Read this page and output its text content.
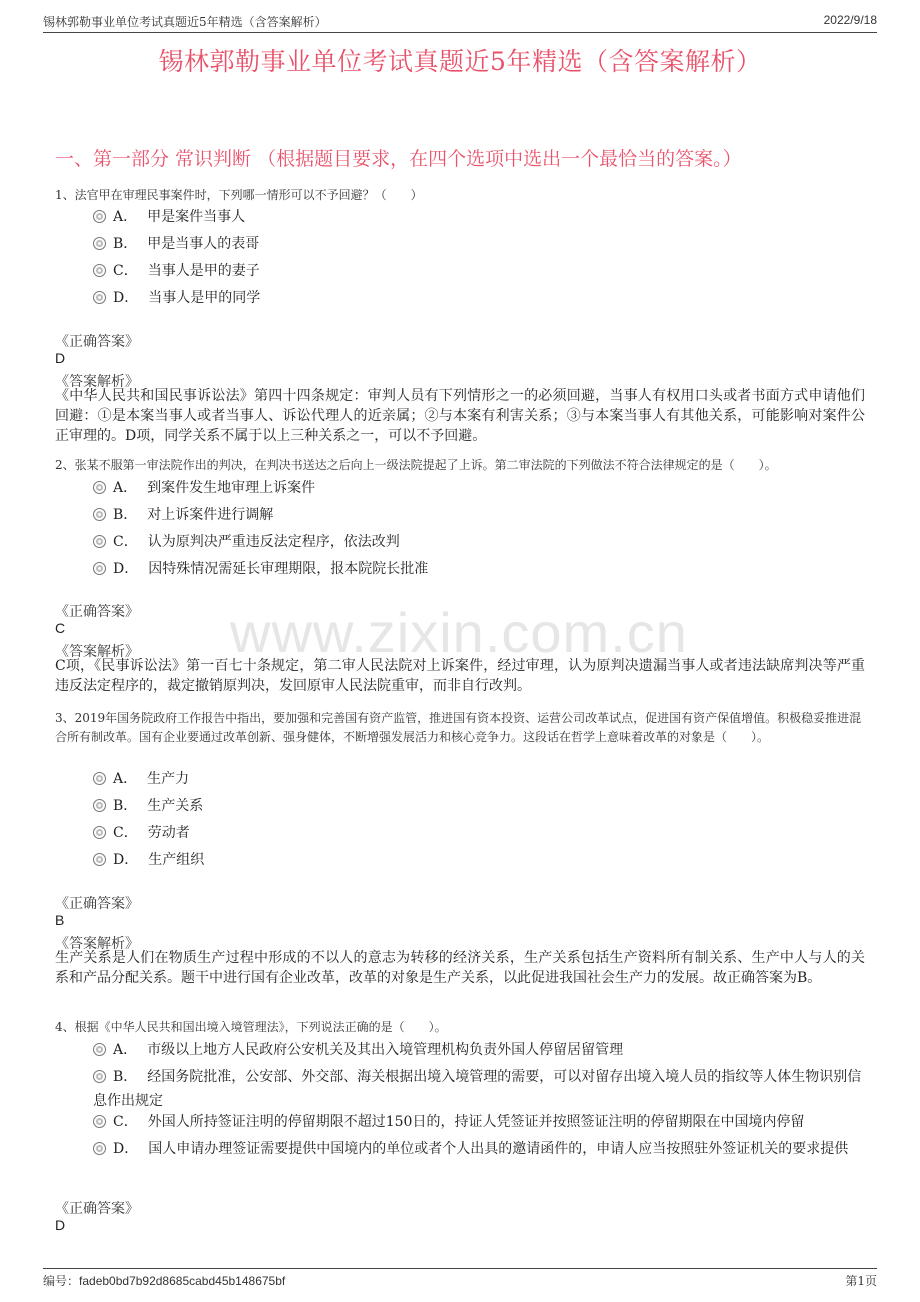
锡林郭勒事业单位考试真题近5年精选（含答案解析）	2022/9/18
锡林郭勒事业单位考试真题近5年精选（含答案解析）
一、第一部分 常识判断 （根据题目要求，在四个选项中选出一个最恰当的答案。）
www.zixin.com.cn
1、法官甲在审理民事案件时，下列哪一情形可以不予回避？（　　）
A． 甲是案件当事人
B． 甲是当事人的表哥
C． 当事人是甲的妻子
D． 当事人是甲的同学
《正确答案》
D
《答案解析》
《中华人民共和国民事诉讼法》第四十四条规定：审判人员有下列情形之一的必须回避，当事人有权用口头或者书面方式申请他们回避：①是本案当事人或者当事人、诉讼代理人的近亲属；②与本案有利害关系；③与本案当事人有其他关系，可能影响对案件公正审理的。D项，同学关系不属于以上三种关系之一，可以不予回避。
2、张某不服第一审法院作出的判决，在判决书送达之后向上一级法院提起了上诉。第二审法院的下列做法不符合法律规定的是（　　）。
A． 到案件发生地审理上诉案件
B． 对上诉案件进行调解
C． 认为原判决严重违反法定程序，依法改判
D． 因特殊情况需延长审理期限，报本院院长批准
《正确答案》
C
《答案解析》
C项，《民事诉讼法》第一百七十条规定，第二审人民法院对上诉案件，经过审理，认为原判决遗漏当事人或者违法缺席判决等严重违反法定程序的，裁定撤销原判决，发回原审人民法院重审，而非自行改判。
3、2019年国务院政府工作报告中指出，要加强和完善国有资产监管，推进国有资本投资、运营公司改革试点，促进国有资产保值增值。积极稳妥推进混合所有制改革。国有企业要通过改革创新、强身健体，不断增强发展活力和核心竞争力。这段话在哲学上意味着改革的对象是（　　）。
A． 生产力
B． 生产关系
C． 劳动者
D． 生产组织
《正确答案》
B
《答案解析》
生产关系是人们在物质生产过程中形成的不以人的意志为转移的经济关系，生产关系包括生产资料所有制关系、生产中人与人的关系和产品分配关系。题干中进行国有企业改革，改革的对象是生产关系，以此促进我国社会生产力的发展。故正确答案为B。
4、根据《中华人民共和国出境入境管理法》，下列说法正确的是（　　）。
A． 市级以上地方人民政府公安机关及其出入境管理机构负责外国人停留居留管理
B． 经国务院批准，公安部、外交部、海关根据出境入境管理的需要，可以对留存出境入境人员的指纹等人体生物识别信息作出规定
C． 外国人所持签证注明的停留期限不超过150日的，持证人凭签证并按照签证注明的停留期限在中国境内停留
D． 国人申请办理签证需要提供中国境内的单位或者个人出具的邀请函件的，申请人应当按照驻外签证机关的要求提供
《正确答案》
D
编号：fadeb0bd7b92d8685cabd45b148675bf	第1页
